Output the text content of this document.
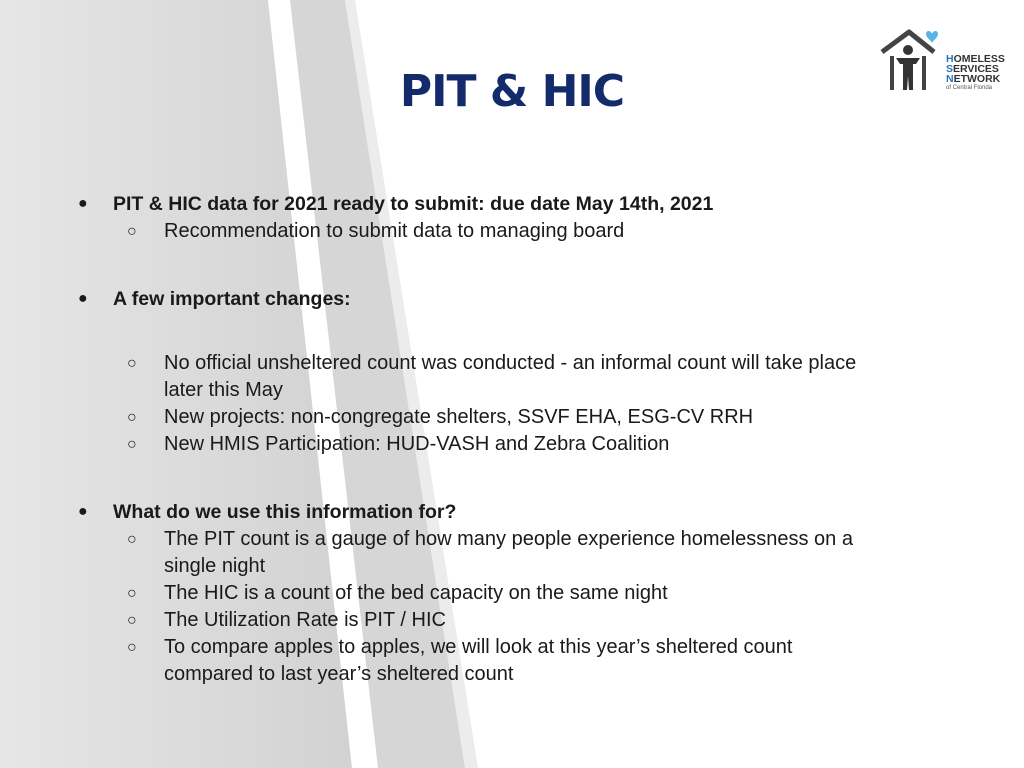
PIT & HIC
HOMELESS
SERVICES
NETWORK
of Central Florida
● PIT & HIC data for 2021 ready to submit: due date May 14th, 2021
○ Recommendation to submit data to managing board
● A few important changes:
○ No official unsheltered count was conducted - an informal count will take place
later this May
○ New projects: non-congregate shelters, SSVF EHA, ESG-CV RRH
○ New HMIS Participation: HUD-VASH and Zebra Coalition
● What do we use this information for?
○ The PIT count is a gauge of how many people experience homelessness on a
single night
○ The HIC is a count of the bed capacity on the same night
○ The Utilization Rate is PIT / HIC
○ To compare apples to apples, we will look at this year’s sheltered count
compared to last year’s sheltered count
